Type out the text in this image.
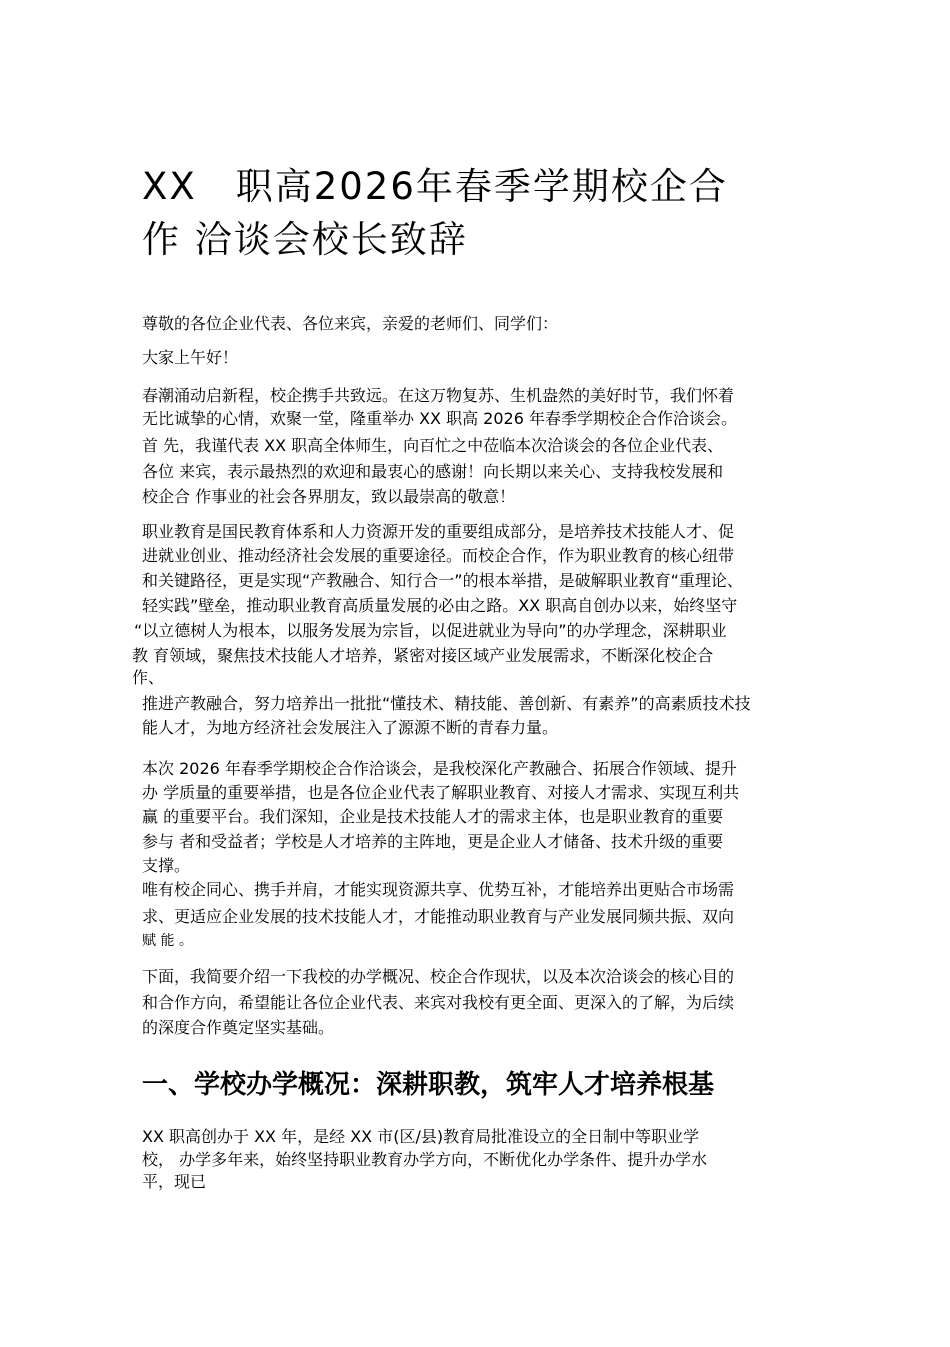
XX　职高2026年春季学期校企合
作 洽谈会校长致辞

尊敬的各位企业代表、各位来宾，亲爱的老师们、同学们：

大家上午好！

春潮涌动启新程，校企携手共致远。在这万物复苏、生机盎然的美好时节，我们怀着

无比诚挚的心情，欢聚一堂，隆重举办 XX 职高 2026 年春季学期校企合作洽谈会。

首 先，我谨代表 XX 职高全体师生，向百忙之中莅临本次洽谈会的各位企业代表、

各位 来宾，表示最热烈的欢迎和最衷心的感谢！向长期以来关心、支持我校发展和

校企合 作事业的社会各界朋友，致以最崇高的敬意！

职业教育是国民教育体系和人力资源开发的重要组成部分，是培养技术技能人才、促

进就业创业、推动经济社会发展的重要途径。而校企合作，作为职业教育的核心纽带

和关键路径，更是实现“产教融合、知行合一”的根本举措，是破解职业教育“重理论、

轻实践”壁垒，推动职业教育高质量发展的必由之路。XX 职高自创办以来，始终坚守

“以立德树人为根本，以服务发展为宗旨，以促进就业为导向”的办学理念，深耕职业

教 育领域，聚焦技术技能人才培养，紧密对接区域产业发展需求，不断深化校企合

作、

推进产教融合，努力培养出一批批“懂技术、精技能、善创新、有素养”的高素质技术技

能人才，为地方经济社会发展注入了源源不断的青春力量。

本次 2026 年春季学期校企合作洽谈会，是我校深化产教融合、拓展合作领域、提升

办 学质量的重要举措，也是各位企业代表了解职业教育、对接人才需求、实现互利共

赢 的重要平台。我们深知，企业是技术技能人才的需求主体，也是职业教育的重要

参与 者和受益者；学校是人才培养的主阵地，更是企业人才储备、技术升级的重要

支撑。

唯有校企同心、携手并肩，才能实现资源共享、优势互补，才能培养出更贴合市场需

求、更适应企业发展的技术技能人才，才能推动职业教育与产业发展同频共振、双向

赋 能 。

下面，我简要介绍一下我校的办学概况、校企合作现状，以及本次洽谈会的核心目的

和合作方向，希望能让各位企业代表、来宾对我校有更全面、更深入的了解，为后续

的深度合作奠定坚实基础。

一、学校办学概况：深耕职教，筑牢人才培养根基

XX 职高创办于 XX 年，是经 XX 市(区/县)教育局批准设立的全日制中等职业学

校， 办学多年来，始终坚持职业教育办学方向，不断优化办学条件、提升办学水

平，现已
